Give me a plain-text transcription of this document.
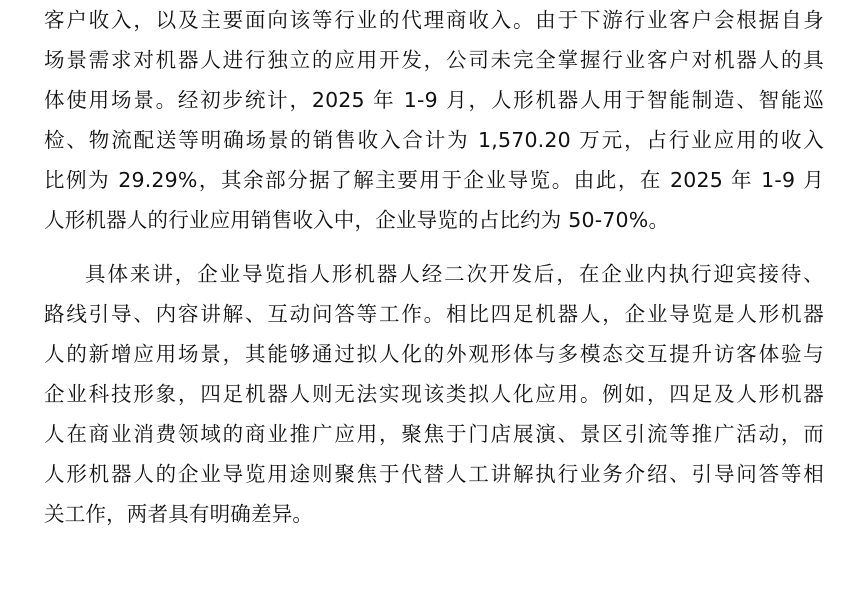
客户收入，以及主要面向该等行业的代理商收入。由于下游行业客户会根据自身
场景需求对机器人进行独立的应用开发，公司未完全掌握行业客户对机器人的具
体使用场景。经初步统计，2025 年 1-9 月，人形机器人用于智能制造、智能巡
检、物流配送等明确场景的销售收入合计为 1,570.20 万元，占行业应用的收入
比例为 29.29%，其余部分据了解主要用于企业导览。由此，在 2025 年 1-9 月
人形机器人的行业应用销售收入中，企业导览的占比约为 50-70%。
具体来讲，企业导览指人形机器人经二次开发后，在企业内执行迎宾接待、
路线引导、内容讲解、互动问答等工作。相比四足机器人，企业导览是人形机器
人的新增应用场景，其能够通过拟人化的外观形体与多模态交互提升访客体验与
企业科技形象，四足机器人则无法实现该类拟人化应用。例如，四足及人形机器
人在商业消费领域的商业推广应用，聚焦于门店展演、景区引流等推广活动，而
人形机器人的企业导览用途则聚焦于代替人工讲解执行业务介绍、引导问答等相
关工作，两者具有明确差异。
